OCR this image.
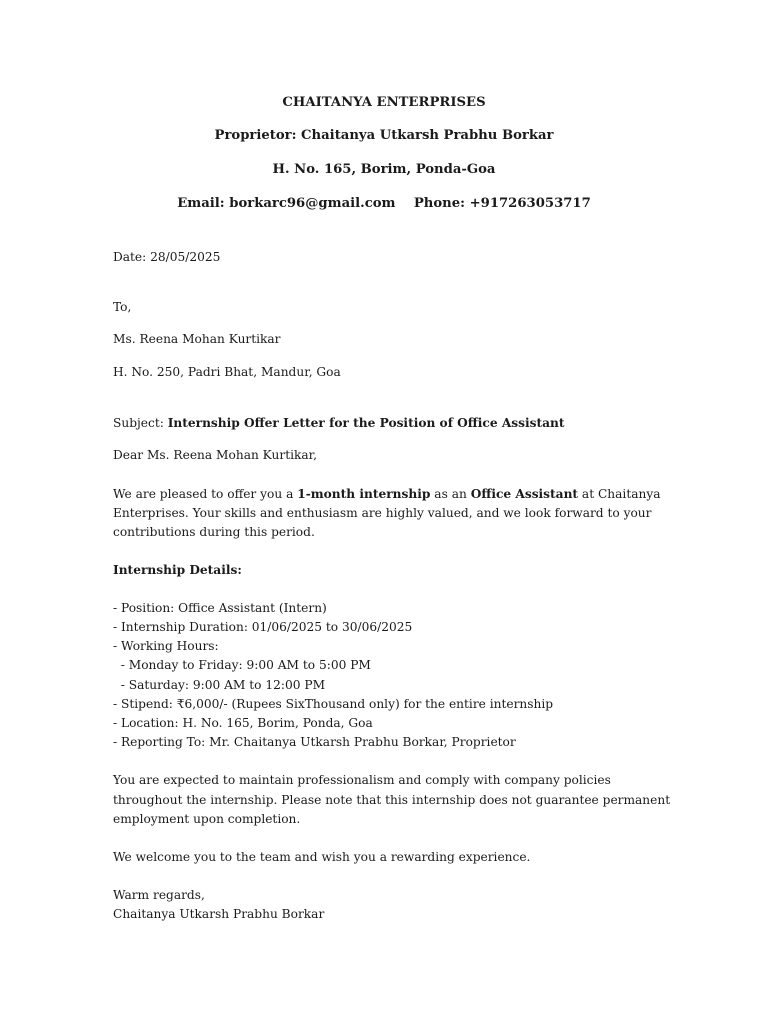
CHAITANYA ENTERPRISES
Proprietor: Chaitanya Utkarsh Prabhu Borkar
H. No. 165, Borim, Ponda-Goa
Email: borkarc96@gmail.com    Phone: +917263053717
Date: 28/05/2025
To,
Ms. Reena Mohan Kurtikar
H. No. 250, Padri Bhat, Mandur, Goa
Subject: Internship Offer Letter for the Position of Office Assistant
Dear Ms. Reena Mohan Kurtikar,
We are pleased to offer you a 1-month internship as an Office Assistant at Chaitanya
Enterprises. Your skills and enthusiasm are highly valued, and we look forward to your
contributions during this period.
Internship Details:
- Position: Office Assistant (Intern)
- Internship Duration: 01/06/2025 to 30/06/2025
- Working Hours:
- Monday to Friday: 9:00 AM to 5:00 PM
- Saturday: 9:00 AM to 12:00 PM
- Stipend: ₹6,000/- (Rupees SixThousand only) for the entire internship
- Location: H. No. 165, Borim, Ponda, Goa
- Reporting To: Mr. Chaitanya Utkarsh Prabhu Borkar, Proprietor
You are expected to maintain professionalism and comply with company policies
throughout the internship. Please note that this internship does not guarantee permanent
employment upon completion.
We welcome you to the team and wish you a rewarding experience.
Warm regards,
Chaitanya Utkarsh Prabhu Borkar
